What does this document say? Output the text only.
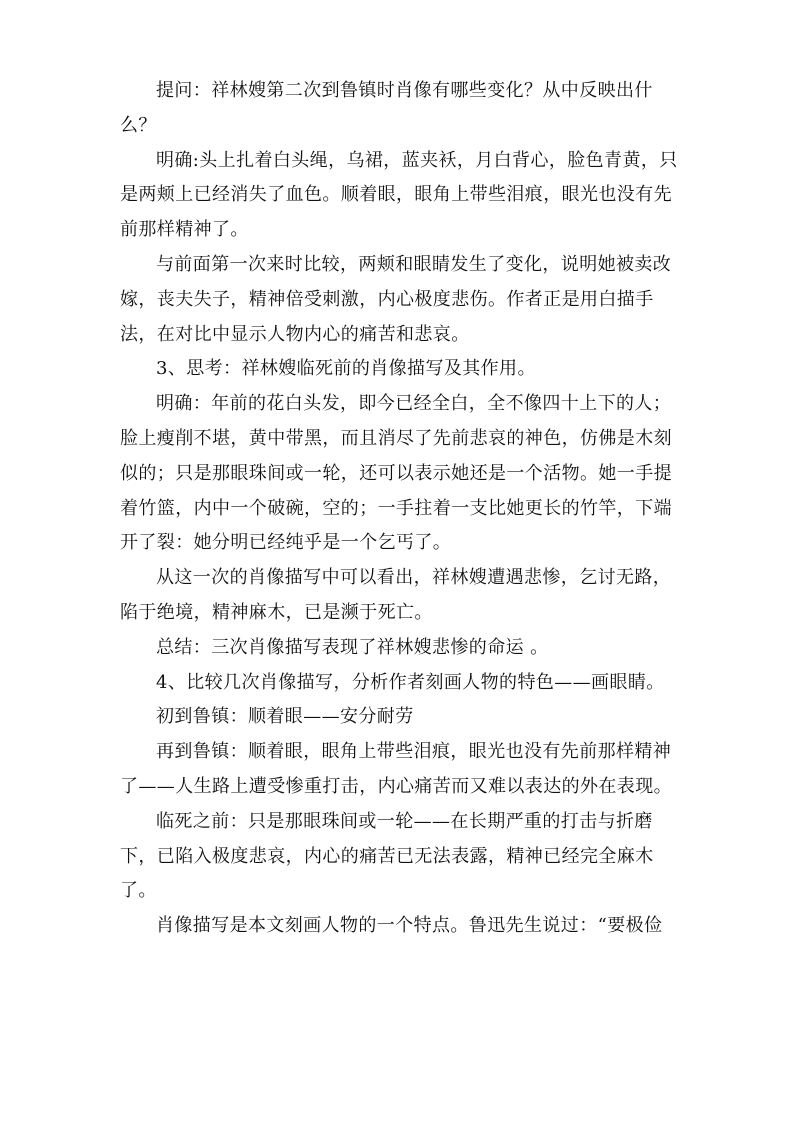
提问：祥林嫂第二次到鲁镇时肖像有哪些变化？从中反映出什么？

明确:头上扎着白头绳，乌裙，蓝夹袄，月白背心，脸色青黄，只是两颊上已经消失了血色。顺着眼，眼角上带些泪痕，眼光也没有先前那样精神了。

与前面第一次来时比较，两颊和眼睛发生了变化，说明她被卖改嫁，丧夫失子，精神倍受刺激，内心极度悲伤。作者正是用白描手法，在对比中显示人物内心的痛苦和悲哀。

3、思考：祥林嫂临死前的肖像描写及其作用。

明确：年前的花白头发，即今已经全白，全不像四十上下的人；脸上瘦削不堪，黄中带黑，而且消尽了先前悲哀的神色，仿佛是木刻似的；只是那眼珠间或一轮，还可以表示她还是一个活物。她一手提着竹篮，内中一个破碗，空的；一手拄着一支比她更长的竹竿，下端开了裂：她分明已经纯乎是一个乞丐了。

从这一次的肖像描写中可以看出，祥林嫂遭遇悲惨，乞讨无路，陷于绝境，精神麻木，已是濒于死亡。

总结：三次肖像描写表现了祥林嫂悲惨的命运 。

4、比较几次肖像描写，分析作者刻画人物的特色——画眼睛。

初到鲁镇：顺着眼——安分耐劳

再到鲁镇：顺着眼，眼角上带些泪痕，眼光也没有先前那样精神了——人生路上遭受惨重打击，内心痛苦而又难以表达的外在表现。

临死之前：只是那眼珠间或一轮——在长期严重的打击与折磨下，已陷入极度悲哀，内心的痛苦已无法表露，精神已经完全麻木了。

肖像描写是本文刻画人物的一个特点。鲁迅先生说过：“要极俭
